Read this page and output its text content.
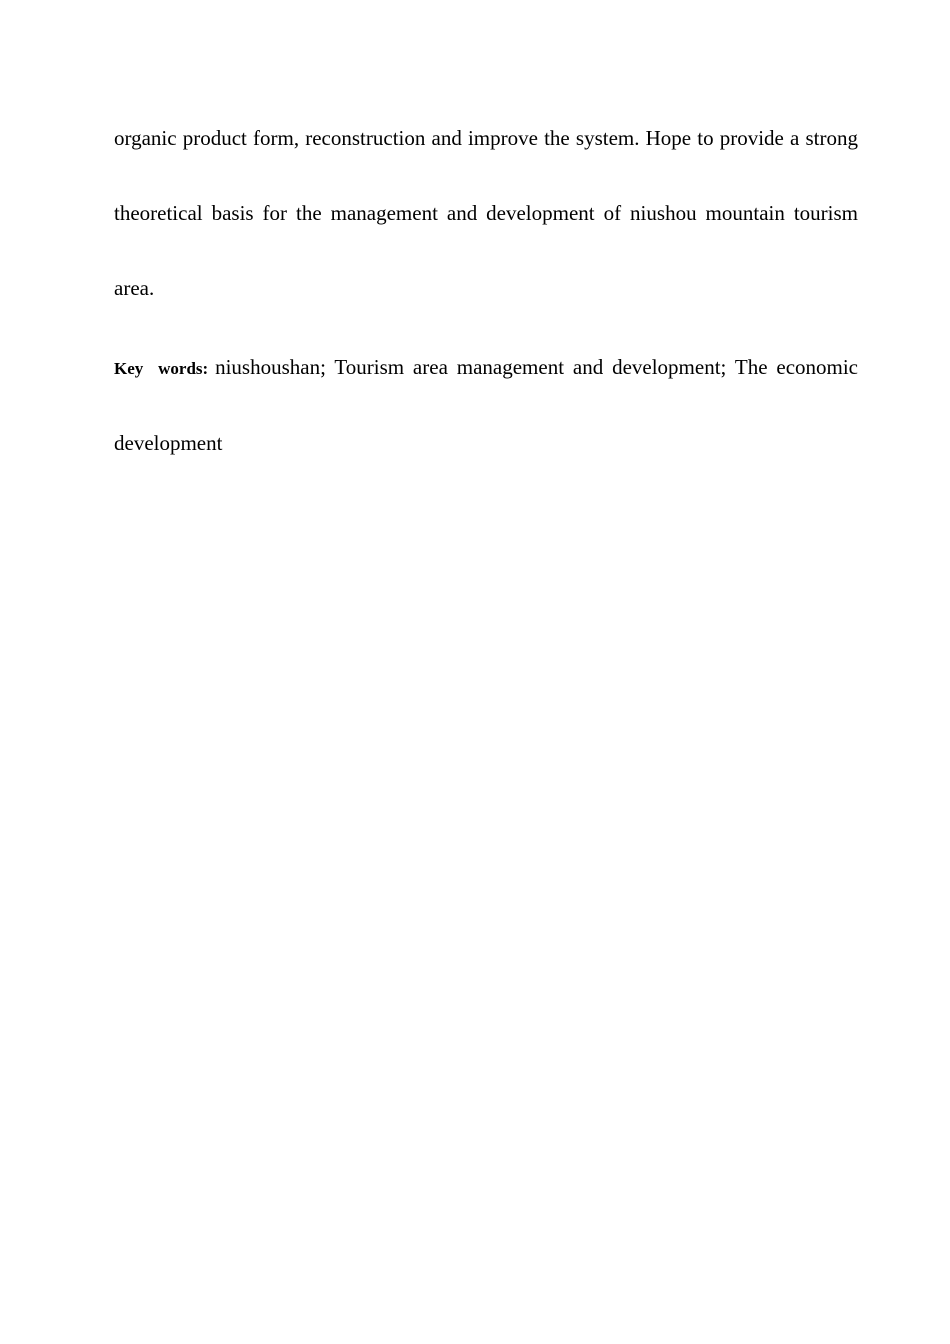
organic product form, reconstruction and improve the system. Hope to provide a strong theoretical basis for the management and development of niushou mountain tourism area.

Key words: niushoushan; Tourism area management and development; The economic development
